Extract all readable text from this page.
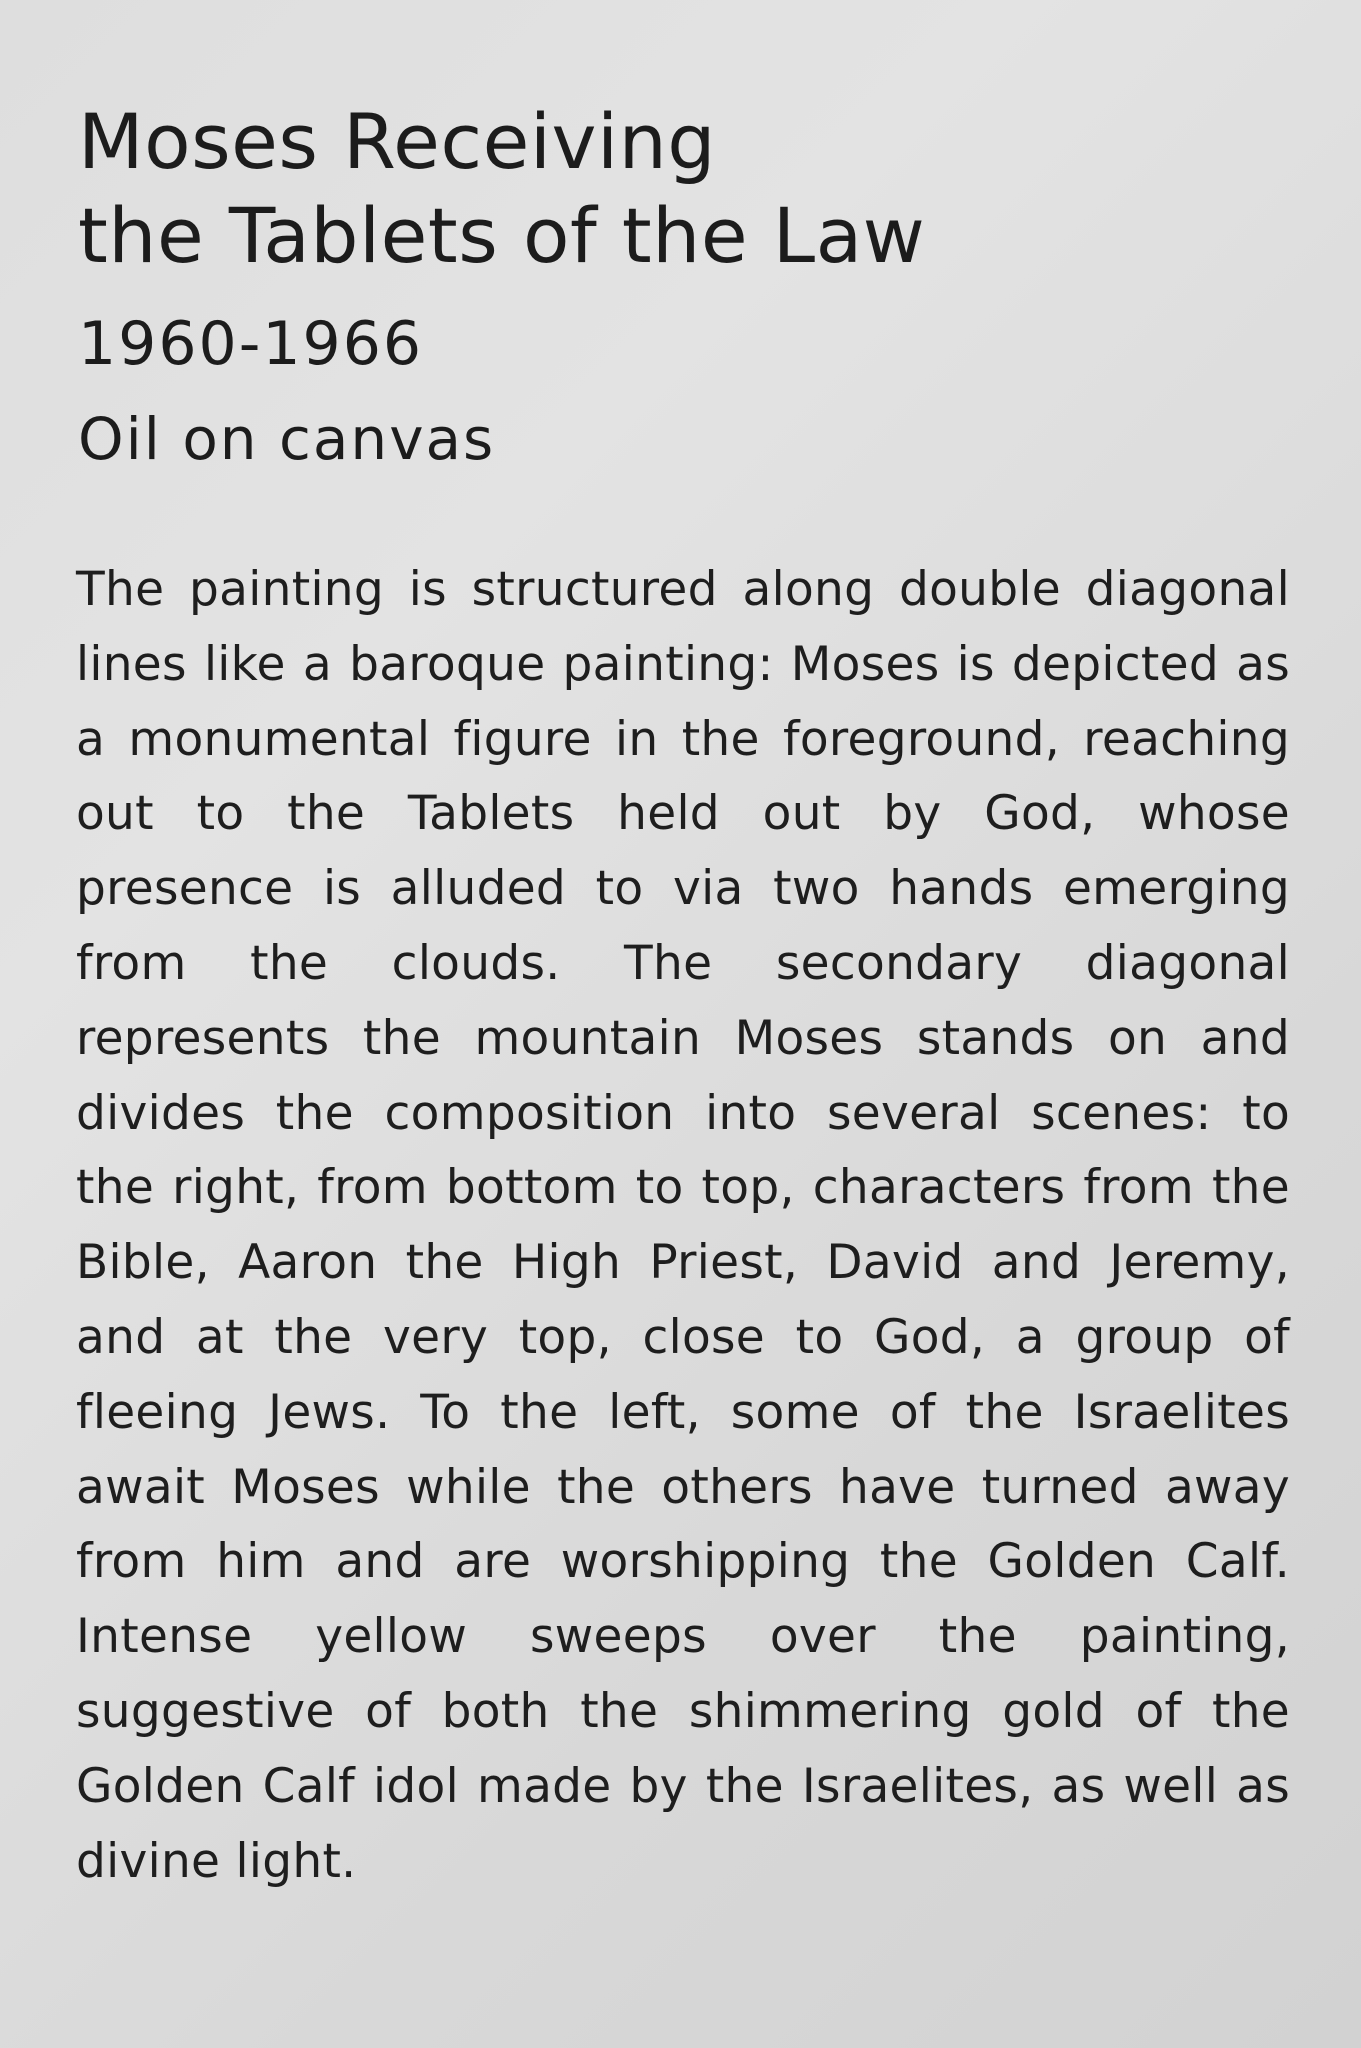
Moses Receiving
the Tablets of the Law
1960-1966
Oil on canvas

The painting is structured along double diagonal lines like a baroque painting: Moses is depicted as a monumental figure in the foreground, reaching out to the Tablets held out by God, whose presence is alluded to via two hands emerging from the clouds. The secondary diagonal represents the mountain Moses stands on and divides the composition into several scenes: to the right, from bottom to top, characters from the Bible, Aaron the High Priest, David and Jeremy, and at the very top, close to God, a group of fleeing Jews. To the left, some of the Israelites await Moses while the others have turned away from him and are worshipping the Golden Calf. Intense yellow sweeps over the painting, suggestive of both the shimmering gold of the Golden Calf idol made by the Israelites, as well as divine light.
